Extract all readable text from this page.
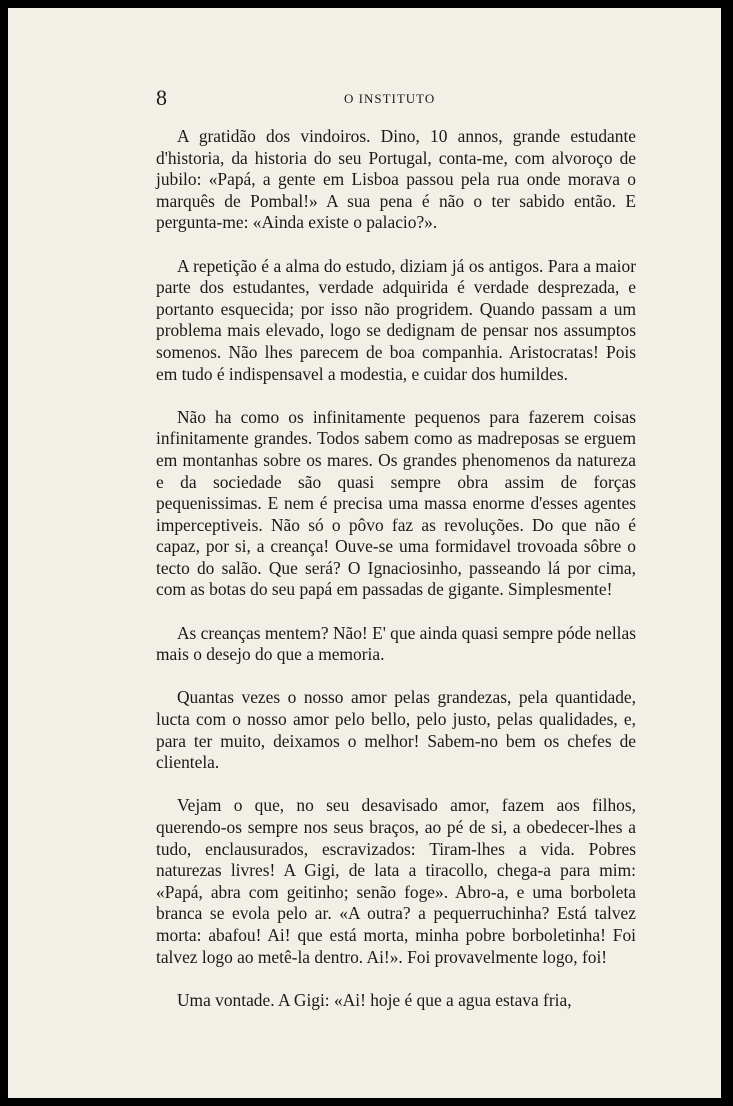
8	O INSTITUTO

A gratidão dos vindoiros. Dino, 10 annos, grande estudante d'historia, da historia do seu Portugal, conta-me, com alvoroço de jubilo: «Papá, a gente em Lisboa passou pela rua onde morava o marquês de Pombal!» A sua pena é não o ter sabido então. E pergunta-me: «Ainda existe o palacio?».

A repetição é a alma do estudo, diziam já os antigos. Para a maior parte dos estudantes, verdade adquirida é verdade desprezada, e portanto esquecida; por isso não progridem. Quando passam a um problema mais elevado, logo se dedignam de pensar nos assumptos somenos. Não lhes parecem de boa companhia. Aristocratas! Pois em tudo é indispensavel a modestia, e cuidar dos humildes.

Não ha como os infinitamente pequenos para fazerem coisas infinitamente grandes. Todos sabem como as madreposas se erguem em montanhas sobre os mares. Os grandes phenomenos da natureza e da sociedade são quasi sempre obra assim de forças pequenissimas. E nem é precisa uma massa enorme d'esses agentes imperceptiveis. Não só o pôvo faz as revoluções. Do que não é capaz, por si, a creança! Ouve-se uma formidavel trovoada sôbre o tecto do salão. Que será? O Ignaciosinho, passeando lá por cima, com as botas do seu papá em passadas de gigante. Simplesmente!

As creanças mentem? Não! E' que ainda quasi sempre póde nellas mais o desejo do que a memoria.

Quantas vezes o nosso amor pelas grandezas, pela quantidade, lucta com o nosso amor pelo bello, pelo justo, pelas qualidades, e, para ter muito, deixamos o melhor! Sabem-no bem os chefes de clientela.

Vejam o que, no seu desavisado amor, fazem aos filhos, querendo-os sempre nos seus braços, ao pé de si, a obedecer-lhes a tudo, enclausurados, escravizados: Tiram-lhes a vida. Pobres naturezas livres! A Gigi, de lata a tiracollo, chega-a para mim: «Papá, abra com geitinho; senão foge». Abro-a, e uma borboleta branca se evola pelo ar. «A outra? a pequerruchinha? Está talvez morta: abafou! Ai! que está morta, minha pobre borboletinha! Foi talvez logo ao metê-la dentro. Ai!». Foi provavelmente logo, foi!

Uma vontade. A Gigi: «Ai! hoje é que a agua estava fria,
